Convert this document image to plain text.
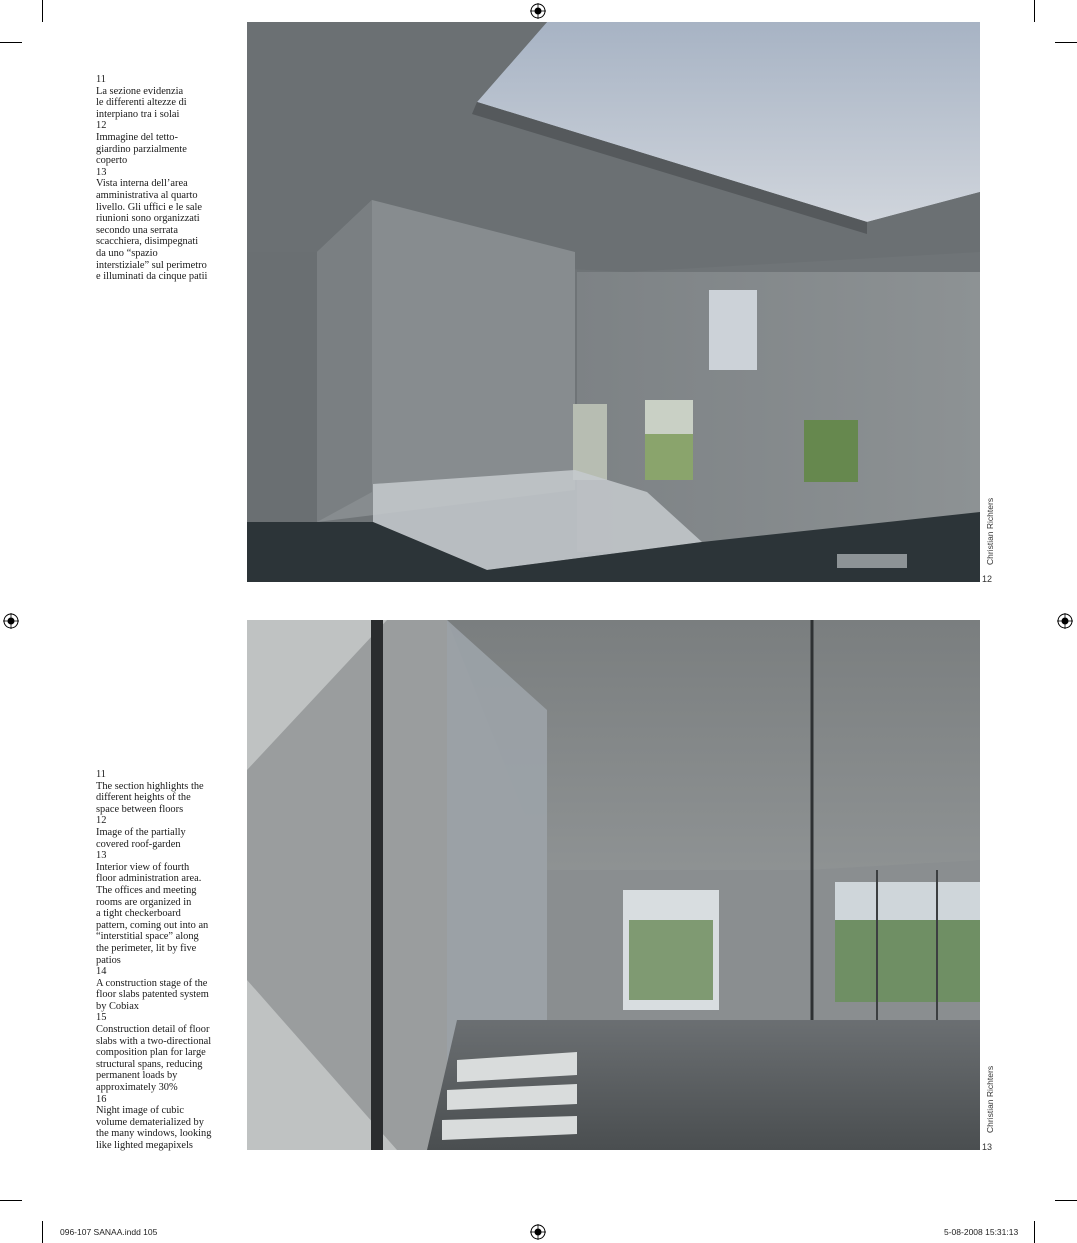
11
La sezione evidenzia
le differenti altezze di
interpiano tra i solai
12
Immagine del tetto-
giardino parzialmente
coperto
13
Vista interna dell’area
amministrativa al quarto
livello. Gli uffici e le sale
riunioni sono organizzati
secondo una serrata
scacchiera, disimpegnati
da uno “spazio
interstiziale” sul perimetro
e illuminati da cinque patii
Christian Richters
12
11
The section highlights the
different heights of the
space between floors
12
Image of the partially
covered roof-garden
13
Interior view of fourth
floor administration area.
The offices and meeting
rooms are organized in
a tight checkerboard
pattern, coming out into an
“interstitial space” along
the perimeter, lit by five
patios
14
A construction stage of the
floor slabs patented system
by Cobiax
15
Construction detail of floor
slabs with a two-directional
composition plan for large
structural spans, reducing
permanent loads by
approximately 30%
16
Night image of cubic
volume dematerialized by
the many windows, looking
like lighted megapixels
Christian Richters
13
096-107 SANAA.indd 105	5-08-2008 15:31:13
